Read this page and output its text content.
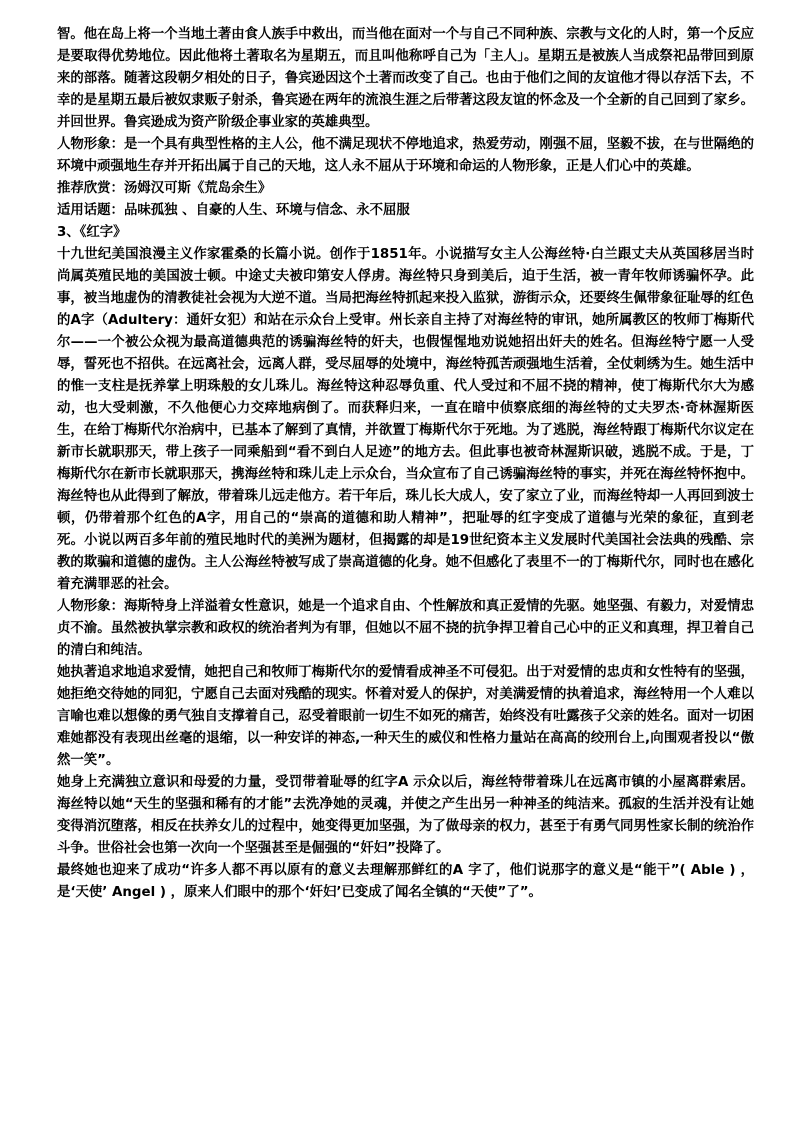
智。他在岛上将一个当地土著由食人族手中救出，而当他在面对一个与自己不同种族、宗教与文化的人时，第一个反应是要取得优势地位。因此他将土著取名为星期五，而且叫他称呼自己为「主人」。星期五是被族人当成祭祀品带回到原来的部落。随著这段朝夕相处的日子，鲁宾逊因这个土著而改变了自己。也由于他们之间的友谊他才得以存活下去，不幸的是星期五最后被奴隶贩子射杀，鲁宾逊在两年的流浪生涯之后带著这段友谊的怀念及一个全新的自己回到了家乡。并回世界。鲁宾逊成为资产阶级企事业家的英雄典型。

人物形象：是一个具有典型性格的主人公，他不满足现状不停地追求，热爱劳动，刚强不屈，坚毅不拔，在与世隔绝的环境中顽强地生存并开拓出属于自己的天地，这人永不屈从于环境和命运的人物形象，正是人们心中的英雄。

推荐欣赏：汤姆汉可斯《荒岛余生》

适用话题：品味孤独 、自豪的人生、环境与信念、永不屈服

3、《红字》

十九世纪美国浪漫主义作家霍桑的长篇小说。创作于1851年。小说描写女主人公海丝特·白兰跟丈夫从英国移居当时尚属英殖民地的美国波士顿。中途丈夫被印第安人俘虏。海丝特只身到美后，迫于生活，被一青年牧师诱骗怀孕。此事，被当地虚伪的清教徒社会视为大逆不道。当局把海丝特抓起来投入监狱，游街示众，还要终生佩带象征耻辱的红色的A字（Adultery：通奸女犯）和站在示众台上受审。州长亲自主持了对海丝特的审讯，她所属教区的牧师丁梅斯代尔——一个被公众视为最高道德典范的诱骗海丝特的奸夫，也假惺惺地劝说她招出奸夫的姓名。但海丝特宁愿一人受辱，誓死也不招供。在远离社会，远离人群，受尽屈辱的处境中，海丝特孤苦顽强地生活着，全仗刺绣为生。她生活中的惟一支柱是抚养掌上明珠般的女儿珠儿。海丝特这种忍辱负重、代人受过和不屈不挠的精神，使丁梅斯代尔大为感动，也大受刺激，不久他便心力交瘁地病倒了。而获释归来，一直在暗中侦察底细的海丝特的丈夫罗杰·奇林渥斯医生，在给丁梅斯代尔治病中，已基本了解到了真情，并欲置丁梅斯代尔于死地。为了逃脱，海丝特跟丁梅斯代尔议定在新市长就职那天，带上孩子一同乘船到“看不到白人足迹”的地方去。但此事也被奇林渥斯识破，逃脱不成。于是，丁梅斯代尔在新市长就职那天，携海丝特和珠儿走上示众台，当众宣布了自己诱骗海丝特的事实，并死在海丝特怀抱中。海丝特也从此得到了解放，带着珠儿远走他方。若干年后，珠儿长大成人，安了家立了业，而海丝特却一人再回到波士顿，仍带着那个红色的A字，用自己的“崇高的道德和助人精神”，把耻辱的红字变成了道德与光荣的象征，直到老死。小说以两百多年前的殖民地时代的美洲为题材，但揭露的却是19世纪资本主义发展时代美国社会法典的残酷、宗教的欺骗和道德的虚伪。主人公海丝特被写成了崇高道德的化身。她不但感化了表里不一的丁梅斯代尔，同时也在感化着充满罪恶的社会。

人物形象：海斯特身上洋溢着女性意识，她是一个追求自由、个性解放和真正爱情的先驱。她坚强、有毅力，对爱情忠贞不渝。虽然被执掌宗教和政权的统治者判为有罪，但她以不屈不挠的抗争捍卫着自己心中的正义和真理，捍卫着自己的清白和纯洁。

她执著追求地追求爱情，她把自己和牧师丁梅斯代尔的爱情看成神圣不可侵犯。出于对爱情的忠贞和女性特有的坚强，她拒绝交待她的同犯，宁愿自己去面对残酷的现实。怀着对爱人的保护，对美满爱情的执着追求，海丝特用一个人难以言喻也难以想像的勇气独自支撑着自己，忍受着眼前一切生不如死的痛苦，始终没有吐露孩子父亲的姓名。面对一切困难她都没有表现出丝毫的退缩，以一种安详的神态,一种天生的威仪和性格力量站在高高的绞刑台上,向围观者投以“傲然一笑”。

她身上充满独立意识和母爱的力量，受罚带着耻辱的红字A 示众以后，海丝特带着珠儿在远离市镇的小屋离群索居。海丝特以她“天生的坚强和稀有的才能”去洗净她的灵魂，并使之产生出另一种神圣的纯洁来。孤寂的生活并没有让她变得消沉堕落，相反在扶养女儿的过程中，她变得更加坚强，为了做母亲的权力，甚至于有勇气同男性家长制的统治作斗争。世俗社会也第一次向一个坚强甚至是倔强的“奸妇”投降了。

最终她也迎来了成功“许多人都不再以原有的意义去理解那鲜红的A 字了，他们说那字的意义是“能干”( Able ) ，是‘天使’ Angel ) ，原来人们眼中的那个‘奸妇’已变成了闻名全镇的“天使”了”。
